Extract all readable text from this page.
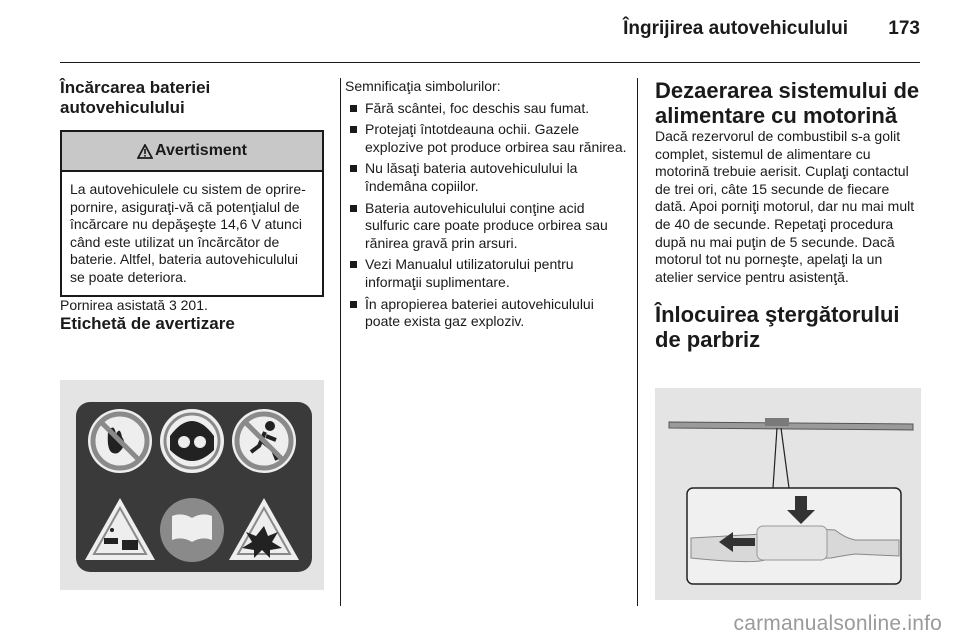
Îngrijirea autovehiculului 173
Încărcarea bateriei autovehiculului
Avertisment
La autovehiculele cu sistem de oprire-pornire, asiguraţi-vă că potenţialul de încărcare nu depăşeşte 14,6 V atunci când este utilizat un încărcător de baterie. Altfel, bateria autovehiculului se poate deteriora.

Pornirea asistată 3 201.

Etichetă de avertizare

Semnificaţia simbolurilor:

Fără scântei, foc deschis sau fumat.
Protejaţi întotdeauna ochii. Gazele explozive pot produce orbirea sau rănirea.
Nu lăsaţi bateria autovehiculului la îndemâna copiilor.
Bateria autovehiculului conţine acid sulfuric care poate produce orbirea sau rănirea gravă prin arsuri.
Vezi Manualul utilizatorului pentru informaţii suplimentare.
În apropierea bateriei autovehiculului poate exista gaz exploziv.
Dezaerarea sistemului de alimentare cu motorină

Dacă rezervorul de combustibil s-a golit complet, sistemul de alimentare cu motorină trebuie aerisit. Cuplaţi contactul de trei ori, câte 15 secunde de fiecare dată. Apoi porniţi motorul, dar nu mai mult de 40 de secunde. Repetaţi procedura după nu mai puţin de 5 secunde. Dacă motorul tot nu porneşte, apelaţi la un atelier service pentru asistenţă.

Înlocuirea ştergătorului de parbriz
carmanualsonline.info
